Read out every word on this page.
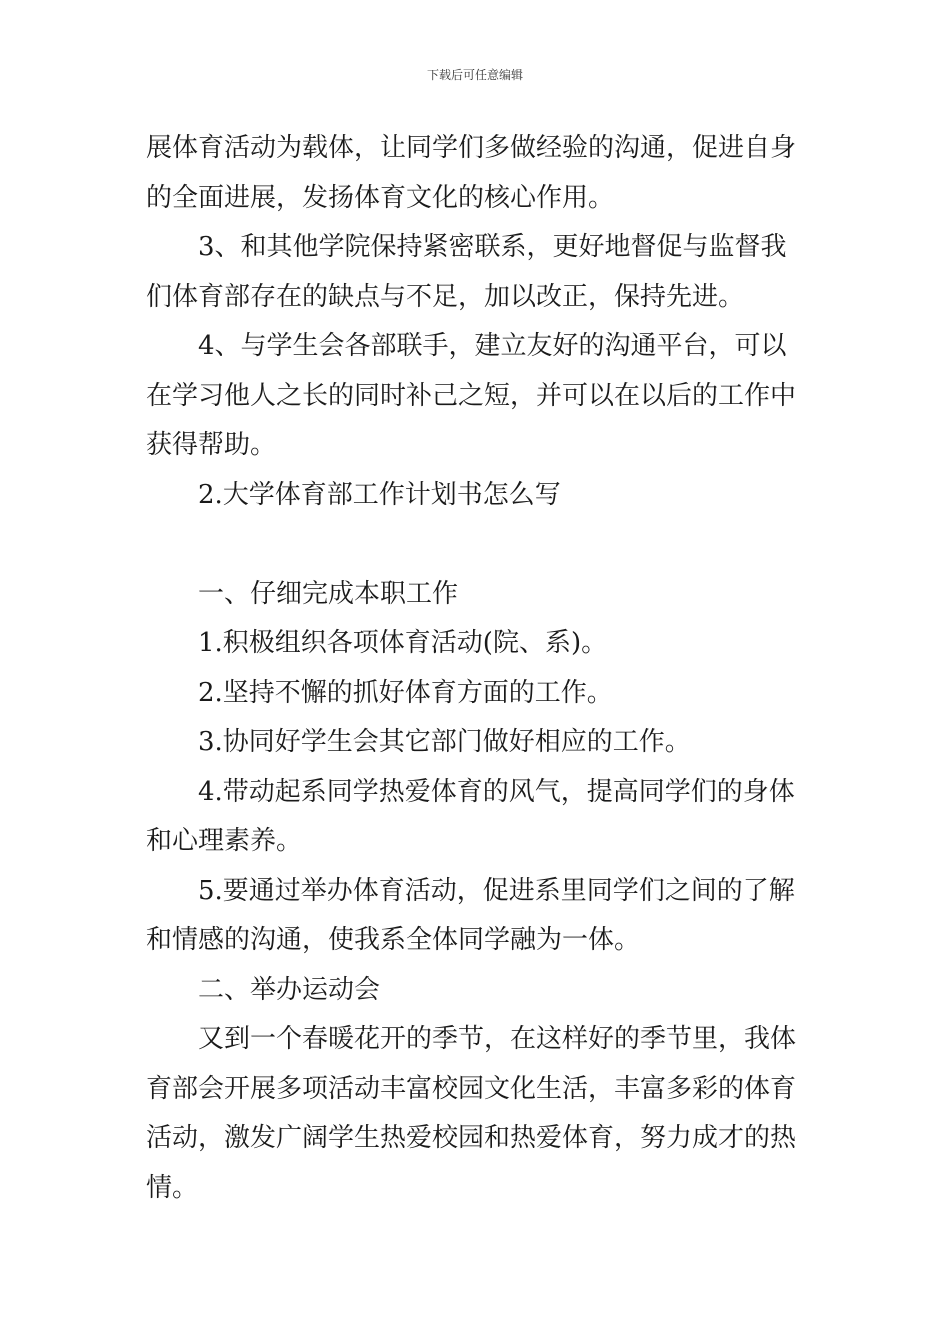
下载后可任意编辑

展体育活动为载体，让同学们多做经验的沟通，促进自身的全面进展，发扬体育文化的核心作用。

3、和其他学院保持紧密联系，更好地督促与监督我们体育部存在的缺点与不足，加以改正，保持先进。

4、与学生会各部联手，建立友好的沟通平台，可以在学习他人之长的同时补己之短，并可以在以后的工作中获得帮助。

2.大学体育部工作计划书怎么写

一、仔细完成本职工作

1.积极组织各项体育活动(院、系)。

2.坚持不懈的抓好体育方面的工作。

3.协同好学生会其它部门做好相应的工作。

4.带动起系同学热爱体育的风气，提高同学们的身体和心理素养。

5.要通过举办体育活动，促进系里同学们之间的了解和情感的沟通，使我系全体同学融为一体。

二、举办运动会

又到一个春暖花开的季节，在这样好的季节里，我体育部会开展多项活动丰富校园文化生活，丰富多彩的体育活动，激发广阔学生热爱校园和热爱体育，努力成才的热情。
